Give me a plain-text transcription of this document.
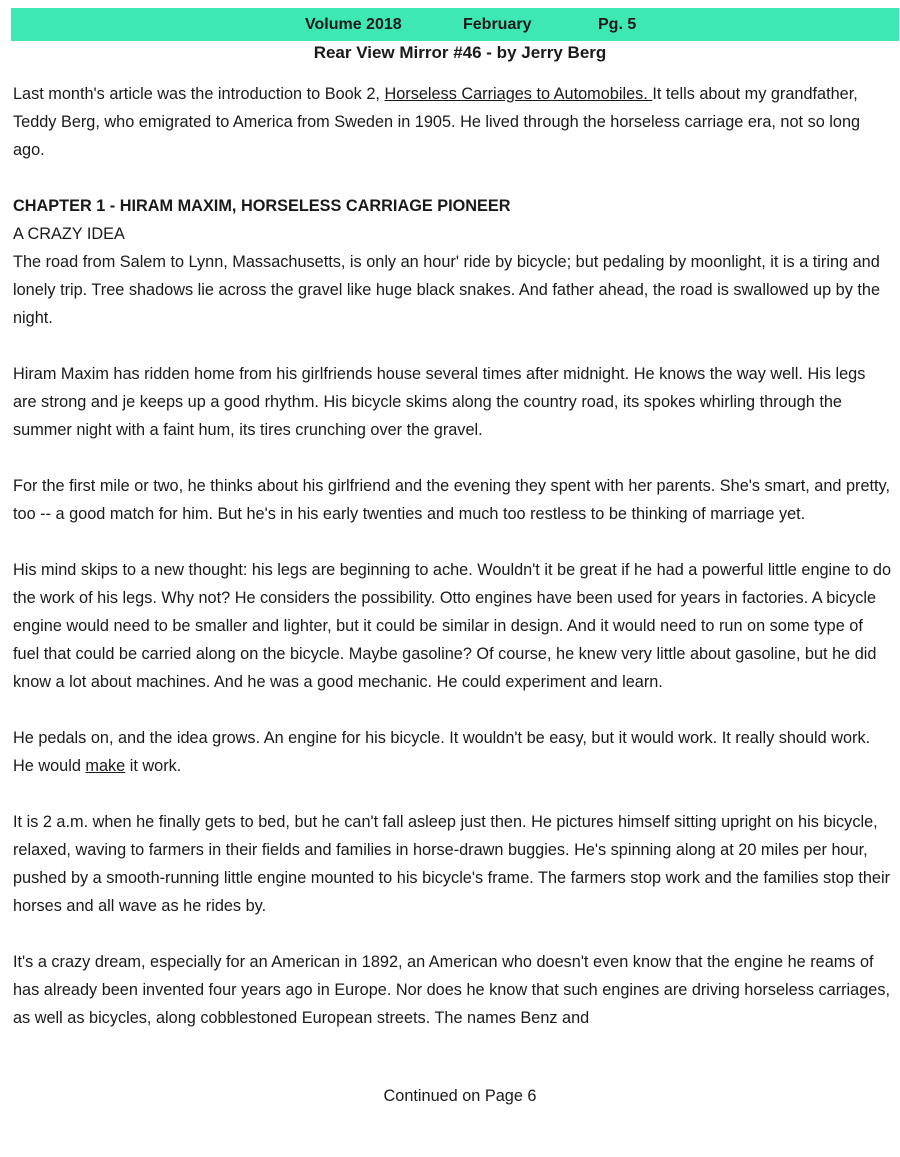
Volume 2018	February	Pg. 5
Rear View Mirror #46 - by Jerry Berg

Last month's article was the introduction to Book 2, Horseless Carriages to Automobiles. It tells about my grandfather, Teddy Berg, who emigrated to America from Sweden in 1905. He lived through the horseless carriage era, not so long ago.

CHAPTER 1 - HIRAM MAXIM, HORSELESS CARRIAGE PIONEER

A CRAZY IDEA

The road from Salem to Lynn, Massachusetts, is only an hour' ride by bicycle; but pedaling by moonlight, it is a tiring and lonely trip. Tree shadows lie across the gravel like huge black snakes. And father ahead, the road is swallowed up by the night.

Hiram Maxim has ridden home from his girlfriends house several times after midnight. He knows the way well. His legs are strong and je keeps up a good rhythm. His bicycle skims along the country road, its spokes whirling through the summer night with a faint hum, its tires crunching over the gravel.

For the first mile or two, he thinks about his girlfriend and the evening they spent with her parents. She's smart, and pretty, too -- a good match for him. But he's in his early twenties and much too restless to be thinking of marriage yet.

His mind skips to a new thought: his legs are beginning to ache. Wouldn't it be great if he had a powerful little engine to do the work of his legs. Why not? He considers the possibility. Otto engines have been used for years in factories. A bicycle engine would need to be smaller and lighter, but it could be similar in design. And it would need to run on some type of fuel that could be carried along on the bicycle. Maybe gasoline? Of course, he knew very little about gasoline, but he did know a lot about machines. And he was a good mechanic. He could experiment and learn.

He pedals on, and the idea grows. An engine for his bicycle. It wouldn't be easy, but it would work. It really should work. He would make it work.

It is 2 a.m. when he finally gets to bed, but he can't fall asleep just then. He pictures himself sitting upright on his bicycle, relaxed, waving to farmers in their fields and families in horse-drawn buggies. He's spinning along at 20 miles per hour, pushed by a smooth-running little engine mounted to his bicycle's frame. The farmers stop work and the families stop their horses and all wave as he rides by.

It's a crazy dream, especially for an American in 1892, an American who doesn't even know that the engine he reams of has already been invented four years ago in Europe. Nor does he know that such engines are driving horseless carriages, as well as bicycles, along cobblestoned European streets. The names Benz and

Continued on Page 6
